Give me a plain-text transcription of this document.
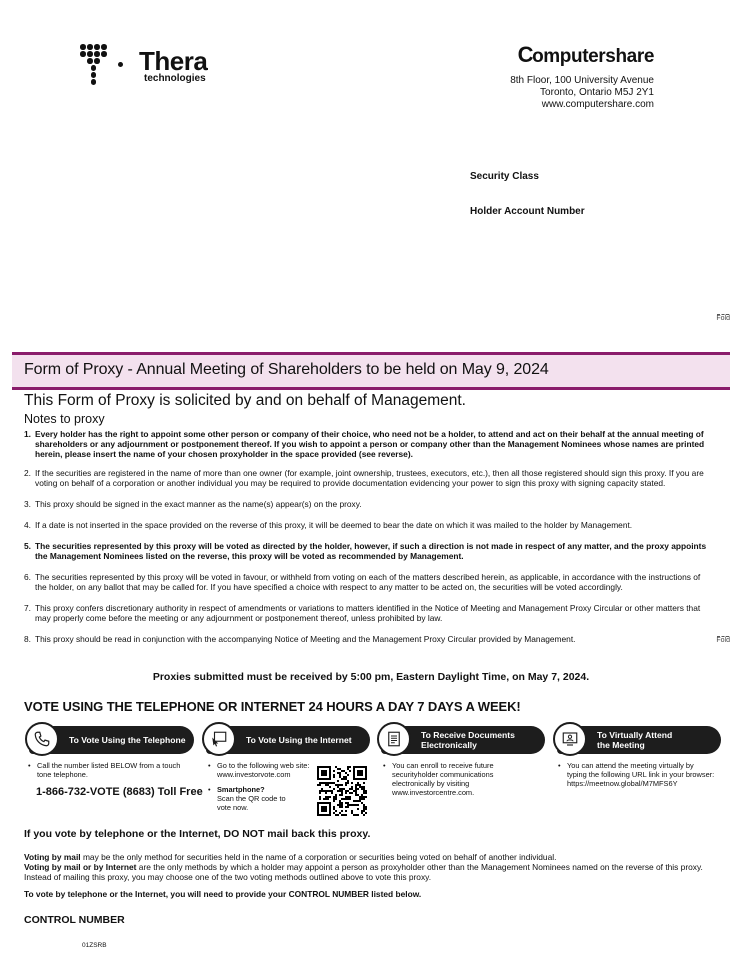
Thera
technologies
Computershare
8th Floor, 100 University Avenue
Toronto, Ontario M5J 2Y1
www.computershare.com
Security Class
Holder Account Number
Fold
Fold
Form of Proxy - Annual Meeting of Shareholders to be held on May 9, 2024
This Form of Proxy is solicited by and on behalf of Management.
Notes to proxy
1. Every holder has the right to appoint some other person or company of their choice, who need not be a holder, to attend and act on their behalf at the annual meeting of shareholders or any adjournment or postponement thereof. If you wish to appoint a person or company other than the Management Nominees whose names are printed herein, please insert the name of your chosen proxyholder in the space provided (see reverse).
2. If the securities are registered in the name of more than one owner (for example, joint ownership, trustees, executors, etc.), then all those registered should sign this proxy. If you are voting on behalf of a corporation or another individual you may be required to provide documentation evidencing your power to sign this proxy with signing capacity stated.
3. This proxy should be signed in the exact manner as the name(s) appear(s) on the proxy.
4. If a date is not inserted in the space provided on the reverse of this proxy, it will be deemed to bear the date on which it was mailed to the holder by Management.
5. The securities represented by this proxy will be voted as directed by the holder, however, if such a direction is not made in respect of any matter, and the proxy appoints the Management Nominees listed on the reverse, this proxy will be voted as recommended by Management.
6. The securities represented by this proxy will be voted in favour, or withheld from voting on each of the matters described herein, as applicable, in accordance with the instructions of the holder, on any ballot that may be called for. If you have specified a choice with respect to any matter to be acted on, the securities will be voted accordingly.
7. This proxy confers discretionary authority in respect of amendments or variations to matters identified in the Notice of Meeting and Management Proxy Circular or other matters that may properly come before the meeting or any adjournment or postponement thereof, unless prohibited by law.
8. This proxy should be read in conjunction with the accompanying Notice of Meeting and the Management Proxy Circular provided by Management.
Proxies submitted must be received by 5:00 pm, Eastern Daylight Time, on May 7, 2024.
VOTE USING THE TELEPHONE OR INTERNET 24 HOURS A DAY 7 DAYS A WEEK!
To Vote Using the Telephone	To Vote Using the Internet	To Receive Documents
Electronically
To Virtually Attend
the Meeting
• Call the number listed BELOW from a touch tone telephone.
1-866-732-VOTE (8683) Toll Free
• Go to the following web site: www.investorvote.com
• Smartphone?
Scan the QR code to vote now.
• You can enroll to receive future securityholder communications electronically by visiting www.investorcentre.com.
• You can attend the meeting virtually by typing the following URL link in your browser: https://meetnow.global/M7MFS6Y
If you vote by telephone or the Internet, DO NOT mail back this proxy.
Voting by mail may be the only method for securities held in the name of a corporation or securities being voted on behalf of another individual.
Voting by mail or by Internet are the only methods by which a holder may appoint a person as proxyholder other than the Management Nominees named on the reverse of this proxy. Instead of mailing this proxy, you may choose one of the two voting methods outlined above to vote this proxy.
To vote by telephone or the Internet, you will need to provide your CONTROL NUMBER listed below.
CONTROL NUMBER
01ZSRB
